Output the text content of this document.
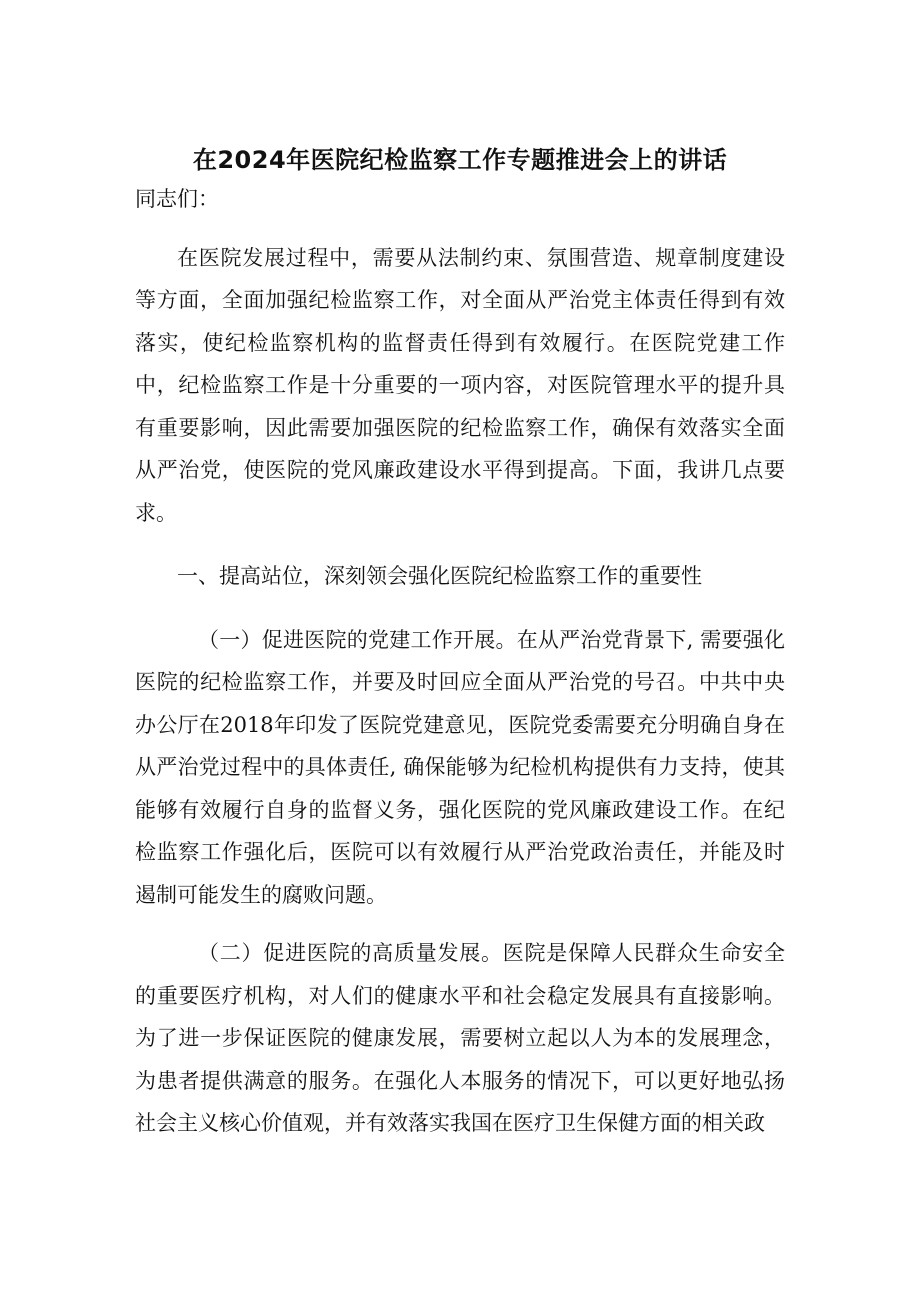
在2024年医院纪检监察工作专题推进会上的讲话

同志们：

在医院发展过程中，需要从法制约束、氛围营造、规章制度建设等方面，全面加强纪检监察工作，对全面从严治党主体责任得到有效落实，使纪检监察机构的监督责任得到有效履行。在医院党建工作中，纪检监察工作是十分重要的一项内容，对医院管理水平的提升具有重要影响，因此需要加强医院的纪检监察工作，确保有效落实全面从严治党，使医院的党风廉政建设水平得到提高。下面，我讲几点要求。

一、提高站位，深刻领会强化医院纪检监察工作的重要性

（一）促进医院的党建工作开展。在从严治党背景下, 需要强化医院的纪检监察工作，并要及时回应全面从严治党的号召。中共中央办公厅在2018年印发了医院党建意见，医院党委需要充分明确自身在从严治党过程中的具体责任, 确保能够为纪检机构提供有力支持，使其能够有效履行自身的监督义务，强化医院的党风廉政建设工作。在纪检监察工作强化后，医院可以有效履行从严治党政治责任，并能及时遏制可能发生的腐败问题。

（二）促进医院的高质量发展。医院是保障人民群众生命安全的重要医疗机构，对人们的健康水平和社会稳定发展具有直接影响。为了进一步保证医院的健康发展，需要树立起以人为本的发展理念，为患者提供满意的服务。在强化人本服务的情况下，可以更好地弘扬社会主义核心价值观，并有效落实我国在医疗卫生保健方面的相关政
